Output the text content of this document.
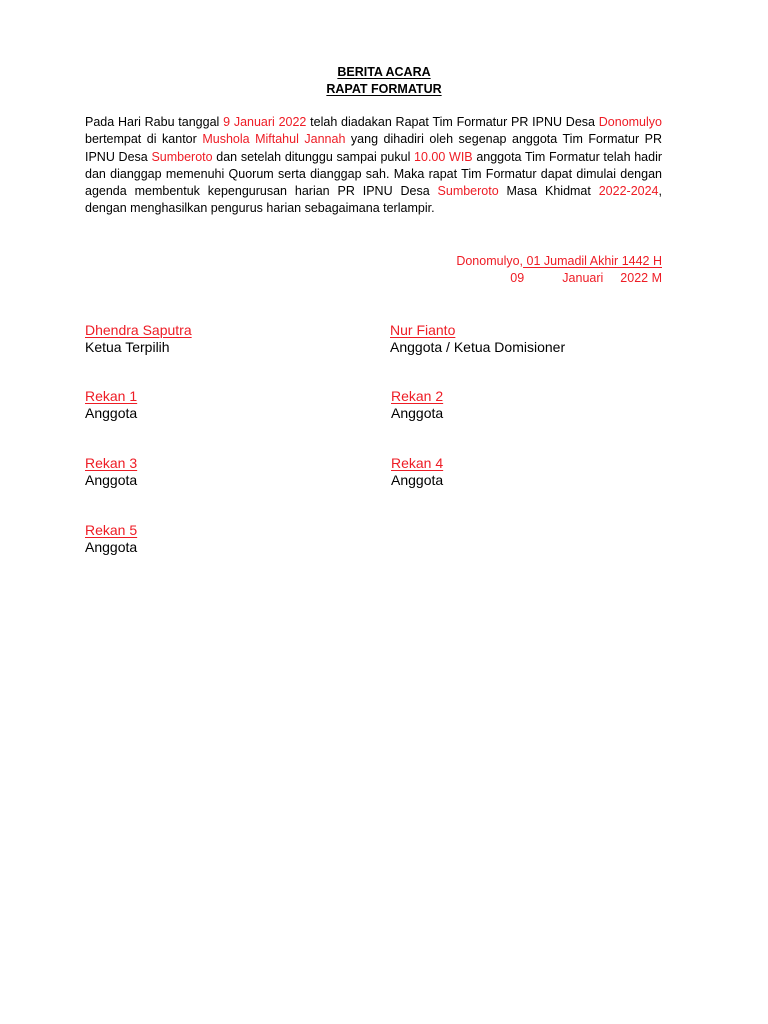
BERITA ACARA
RAPAT FORMATUR
Pada Hari Rabu tanggal 9 Januari 2022 telah diadakan Rapat Tim Formatur PR IPNU Desa Donomulyo bertempat di kantor Mushola Miftahul Jannah yang dihadiri oleh segenap anggota Tim Formatur PR IPNU Desa Sumberoto dan setelah ditunggu sampai pukul 10.00 WIB anggota Tim Formatur telah hadir dan dianggap memenuhi Quorum serta dianggap sah. Maka rapat Tim Formatur dapat dimulai dengan agenda membentuk kepengurusan harian PR IPNU Desa Sumberoto Masa Khidmat 2022-2024, dengan menghasilkan pengurus harian sebagaimana terlampir.
Donomulyo, 01 Jumadil Akhir 1442 H
09	Januari	2022 M
Dhendra Saputra
Ketua Terpilih
Nur Fianto
Anggota / Ketua Domisioner
Rekan 1
Anggota
Rekan 2
Anggota
Rekan 3
Anggota
Rekan 4
Anggota
Rekan 5
Anggota
